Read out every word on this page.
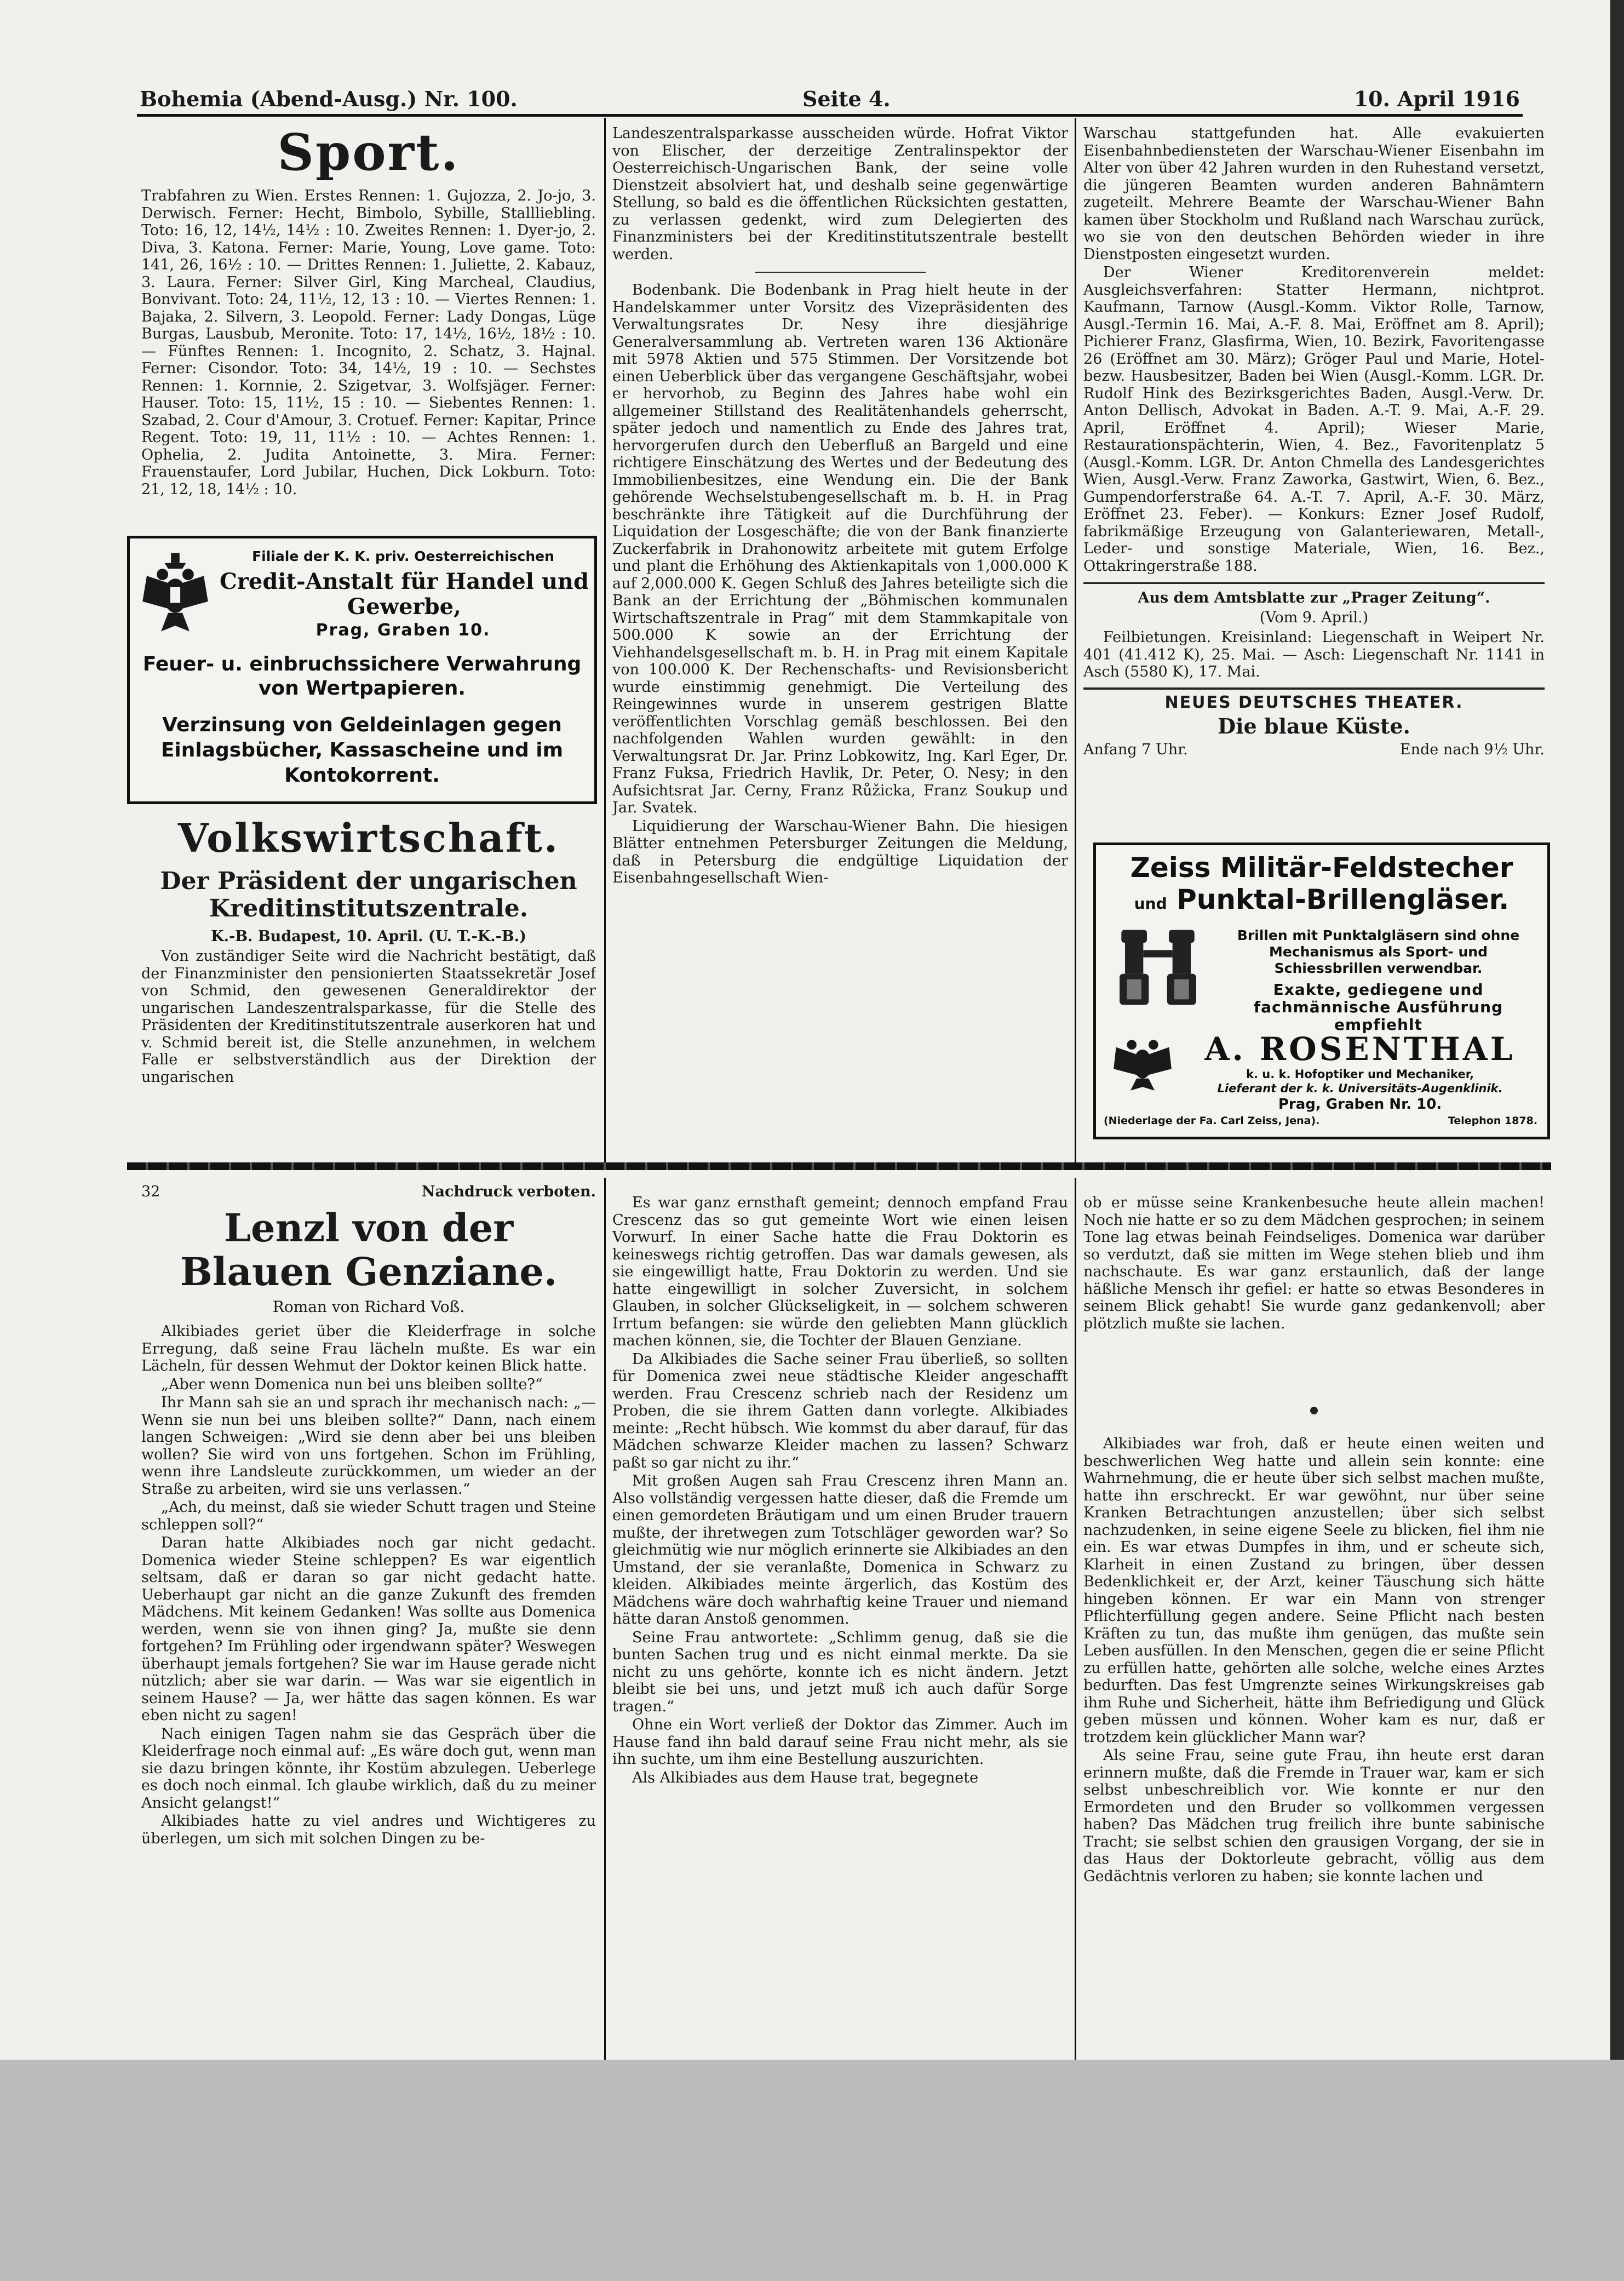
Bohemia (Abend-Ausg.) Nr. 100.	Seite 4.	10. April 1916
Sport.

Trabfahren zu Wien. Erstes Rennen: 1. Gujozza, 2. Jo-jo, 3. Derwisch. Ferner: Hecht, Bimbolo, Sybille, Stallliebling. Toto: 16, 12, 14½, 14½ : 10. Zweites Rennen: 1. Dyer-jo, 2. Diva, 3. Katona. Ferner: Marie, Young, Love game. Toto: 141, 26, 16½ : 10. — Drittes Rennen: 1. Juliette, 2. Kabauz, 3. Laura. Ferner: Silver Girl, King Marcheal, Claudius, Bonvivant. Toto: 24, 11½, 12, 13 : 10. — Viertes Rennen: 1. Bajaka, 2. Silvern, 3. Leopold. Ferner: Lady Dongas, Lüge Burgas, Lausbub, Meronite. Toto: 17, 14½, 16½, 18½ : 10. — Fünftes Rennen: 1. Incognito, 2. Schatz, 3. Hajnal. Ferner: Cisondor. Toto: 34, 14½, 19 : 10. — Sechstes Rennen: 1. Kornnie, 2. Szigetvar, 3. Wolfsjäger. Ferner: Hauser. Toto: 15, 11½, 15 : 10. — Siebentes Rennen: 1. Szabad, 2. Cour d'Amour, 3. Crotuef. Ferner: Kapitar, Prince Regent. Toto: 19, 11, 11½ : 10. — Achtes Rennen: 1. Ophelia, 2. Judita Antoinette, 3. Mira. Ferner: Frauenstaufer, Lord Jubilar, Huchen, Dick Lokburn. Toto: 21, 12, 18, 14½ : 10.

Filiale der K. K. priv. Oesterreichischen
Credit-Anstalt für Handel und Gewerbe,
Prag, Graben 10.
Feuer- u. einbruchssichere Verwahrung von Wertpapieren.
Verzinsung von Geldeinlagen gegen Einlagsbücher, Kassascheine und im Kontokorrent.
Volkswirtschaft.
Der Präsident der ungarischen Kreditinstitutszentrale.
K.-B. Budapest, 10. April. (U. T.-K.-B.)

Von zuständiger Seite wird die Nachricht bestätigt, daß der Finanzminister den pensionierten Staatssekretär Josef von Schmid, den gewesenen Generaldirektor der ungarischen Landeszentralsparkasse, für die Stelle des Präsidenten der Kreditinstitutszentrale auserkoren hat und v. Schmid bereit ist, die Stelle anzunehmen, in welchem Falle er selbstverständlich aus der Direktion der ungarischen

Landeszentralsparkasse ausscheiden würde. Hofrat Viktor von Elischer, der derzeitige Zentralinspektor der Oesterreichisch-Ungarischen Bank, der seine volle Dienstzeit absolviert hat, und deshalb seine gegenwärtige Stellung, so bald es die öffentlichen Rücksichten gestatten, zu verlassen gedenkt, wird zum Delegierten des Finanzministers bei der Kreditinstitutszentrale bestellt werden.

Bodenbank. Die Bodenbank in Prag hielt heute in der Handelskammer unter Vorsitz des Vizepräsidenten des Verwaltungsrates Dr. Nesy ihre diesjährige Generalversammlung ab. Vertreten waren 136 Aktionäre mit 5978 Aktien und 575 Stimmen. Der Vorsitzende bot einen Ueberblick über das vergangene Geschäftsjahr, wobei er hervorhob, zu Beginn des Jahres habe wohl ein allgemeiner Stillstand des Realitätenhandels geherrscht, später jedoch und namentlich zu Ende des Jahres trat, hervorgerufen durch den Ueberfluß an Bargeld und eine richtigere Einschätzung des Wertes und der Bedeutung des Immobilienbesitzes, eine Wendung ein. Die der Bank gehörende Wechselstubengesellschaft m. b. H. in Prag beschränkte ihre Tätigkeit auf die Durchführung der Liquidation der Losgeschäfte; die von der Bank finanzierte Zuckerfabrik in Drahonowitz arbeitete mit gutem Erfolge und plant die Erhöhung des Aktienkapitals von 1,000.000 K auf 2,000.000 K. Gegen Schluß des Jahres beteiligte sich die Bank an der Errichtung der „Böhmischen kommunalen Wirtschaftszentrale in Prag“ mit dem Stammkapitale von 500.000 K sowie an der Errichtung der Viehhandelsgesellschaft m. b. H. in Prag mit einem Kapitale von 100.000 K. Der Rechenschafts- und Revisionsbericht wurde einstimmig genehmigt. Die Verteilung des Reingewinnes wurde in unserem gestrigen Blatte veröffentlichten Vorschlag gemäß beschlossen. Bei den nachfolgenden Wahlen wurden gewählt: in den Verwaltungsrat Dr. Jar. Prinz Lobkowitz, Ing. Karl Eger, Dr. Franz Fuksa, Friedrich Havlik, Dr. Peter, O. Nesy; in den Aufsichtsrat Jar. Cerny, Franz Růžicka, Franz Soukup und Jar. Svatek.

Liquidierung der Warschau-Wiener Bahn. Die hiesigen Blätter entnehmen Petersburger Zeitungen die Meldung, daß in Petersburg die endgültige Liquidation der Eisenbahngesellschaft Wien-

Warschau stattgefunden hat. Alle evakuierten Eisenbahnbediensteten der Warschau-Wiener Eisenbahn im Alter von über 42 Jahren wurden in den Ruhestand versetzt, die jüngeren Beamten wurden anderen Bahnämtern zugeteilt. Mehrere Beamte der Warschau-Wiener Bahn kamen über Stockholm und Rußland nach Warschau zurück, wo sie von den deutschen Behörden wieder in ihre Dienstposten eingesetzt wurden.

Der Wiener Kreditorenverein meldet: Ausgleichsverfahren: Statter Hermann, nichtprot. Kaufmann, Tarnow (Ausgl.-Komm. Viktor Rolle, Tarnow, Ausgl.-Termin 16. Mai, A.-F. 8. Mai, Eröffnet am 8. April); Pichierer Franz, Glasfirma, Wien, 10. Bezirk, Favoritengasse 26 (Eröffnet am 30. März); Gröger Paul und Marie, Hotel- bezw. Hausbesitzer, Baden bei Wien (Ausgl.-Komm. LGR. Dr. Rudolf Hink des Bezirksgerichtes Baden, Ausgl.-Verw. Dr. Anton Dellisch, Advokat in Baden. A.-T. 9. Mai, A.-F. 29. April, Eröffnet 4. April); Wieser Marie, Restaurationspächterin, Wien, 4. Bez., Favoritenplatz 5 (Ausgl.-Komm. LGR. Dr. Anton Chmella des Landesgerichtes Wien, Ausgl.-Verw. Franz Zaworka, Gastwirt, Wien, 6. Bez., Gumpendorferstraße 64. A.-T. 7. April, A.-F. 30. März, Eröffnet 23. Feber). — Konkurs: Ezner Josef Rudolf, fabrikmäßige Erzeugung von Galanteriewaren, Metall-, Leder- und sonstige Materiale, Wien, 16. Bez., Ottakringerstraße 188.

Aus dem Amtsblatte zur „Prager Zeitung“.
(Vom 9. April.)

Feilbietungen. Kreisinland: Liegenschaft in Weipert Nr. 401 (41.412 K), 25. Mai. — Asch: Liegenschaft Nr. 1141 in Asch (5580 K), 17. Mai.

NEUES DEUTSCHES THEATER.
Die blaue Küste.
Anfang 7 Uhr.	Ende nach 9½ Uhr.
Zeiss Militär-Feldstecher
und Punktal-Brillengläser.
Brillen mit Punktalgläsern sind ohne Mechanismus als Sport- und Schiessbrillen verwendbar.
Exakte, gediegene und fachmännische Ausführung empfiehlt
A. ROSENTHAL
k. u. k. Hofoptiker und Mechaniker,
Lieferant der k. k. Universitäts-Augenklinik.
Prag, Graben Nr. 10.
(Niederlage der Fa. Carl Zeiss, Jena).	Telephon 1878.
32	Nachdruck verboten.
Lenzl von der Blauen Genziane.
Roman von Richard Voß.

Alkibiades geriet über die Kleiderfrage in solche Erregung, daß seine Frau lächeln mußte. Es war ein Lächeln, für dessen Wehmut der Doktor keinen Blick hatte.

„Aber wenn Domenica nun bei uns bleiben sollte?“

Ihr Mann sah sie an und sprach ihr mechanisch nach: „— Wenn sie nun bei uns bleiben sollte?“ Dann, nach einem langen Schweigen: „Wird sie denn aber bei uns bleiben wollen? Sie wird von uns fortgehen. Schon im Frühling, wenn ihre Landsleute zurückkommen, um wieder an der Straße zu arbeiten, wird sie uns verlassen.“

„Ach, du meinst, daß sie wieder Schutt tragen und Steine schleppen soll?“

Daran hatte Alkibiades noch gar nicht gedacht. Domenica wieder Steine schleppen? Es war eigentlich seltsam, daß er daran so gar nicht gedacht hatte. Ueberhaupt gar nicht an die ganze Zukunft des fremden Mädchens. Mit keinem Gedanken! Was sollte aus Domenica werden, wenn sie von ihnen ging? Ja, mußte sie denn fortgehen? Im Frühling oder irgendwann später? Weswegen überhaupt jemals fortgehen? Sie war im Hause gerade nicht nützlich; aber sie war darin. — Was war sie eigentlich in seinem Hause? — Ja, wer hätte das sagen können. Es war eben nicht zu sagen!

Nach einigen Tagen nahm sie das Gespräch über die Kleiderfrage noch einmal auf: „Es wäre doch gut, wenn man sie dazu bringen könnte, ihr Kostüm abzulegen. Ueberlege es doch noch einmal. Ich glaube wirklich, daß du zu meiner Ansicht gelangst!“

Alkibiades hatte zu viel andres und Wichtigeres zu überlegen, um sich mit solchen Dingen zu be-

Es war ganz ernsthaft gemeint; dennoch empfand Frau Crescenz das so gut gemeinte Wort wie einen leisen Vorwurf. In einer Sache hatte die Frau Doktorin es keineswegs richtig getroffen. Das war damals gewesen, als sie eingewilligt hatte, Frau Doktorin zu werden. Und sie hatte eingewilligt in solcher Zuversicht, in solchem Glauben, in solcher Glückseligkeit, in — solchem schweren Irrtum befangen: sie würde den geliebten Mann glücklich machen können, sie, die Tochter der Blauen Genziane.

Da Alkibiades die Sache seiner Frau überließ, so sollten für Domenica zwei neue städtische Kleider angeschafft werden. Frau Crescenz schrieb nach der Residenz um Proben, die sie ihrem Gatten dann vorlegte. Alkibiades meinte: „Recht hübsch. Wie kommst du aber darauf, für das Mädchen schwarze Kleider machen zu lassen? Schwarz paßt so gar nicht zu ihr.“

Mit großen Augen sah Frau Crescenz ihren Mann an. Also vollständig vergessen hatte dieser, daß die Fremde um einen gemordeten Bräutigam und um einen Bruder trauern mußte, der ihretwegen zum Totschläger geworden war? So gleichmütig wie nur möglich erinnerte sie Alkibiades an den Umstand, der sie veranlaßte, Domenica in Schwarz zu kleiden. Alkibiades meinte ärgerlich, das Kostüm des Mädchens wäre doch wahrhaftig keine Trauer und niemand hätte daran Anstoß genommen.

Seine Frau antwortete: „Schlimm genug, daß sie die bunten Sachen trug und es nicht einmal merkte. Da sie nicht zu uns gehörte, konnte ich es nicht ändern. Jetzt bleibt sie bei uns, und jetzt muß ich auch dafür Sorge tragen.“

Ohne ein Wort verließ der Doktor das Zimmer. Auch im Hause fand ihn bald darauf seine Frau nicht mehr, als sie ihn suchte, um ihm eine Bestellung auszurichten.

Als Alkibiades aus dem Hause trat, begegnete

ob er müsse seine Krankenbesuche heute allein machen! Noch nie hatte er so zu dem Mädchen gesprochen; in seinem Tone lag etwas beinah Feindseliges. Domenica war darüber so verdutzt, daß sie mitten im Wege stehen blieb und ihm nachschaute. Es war ganz erstaunlich, daß der lange häßliche Mensch ihr gefiel: er hatte so etwas Besonderes in seinem Blick gehabt! Sie wurde ganz gedankenvoll; aber plötzlich mußte sie lachen.

Alkibiades war froh, daß er heute einen weiten und beschwerlichen Weg hatte und allein sein konnte: eine Wahrnehmung, die er heute über sich selbst machen mußte, hatte ihn erschreckt. Er war gewöhnt, nur über seine Kranken Betrachtungen anzustellen; über sich selbst nachzudenken, in seine eigene Seele zu blicken, fiel ihm nie ein. Es war etwas Dumpfes in ihm, und er scheute sich, Klarheit in einen Zustand zu bringen, über dessen Bedenklichkeit er, der Arzt, keiner Täuschung sich hätte hingeben können. Er war ein Mann von strenger Pflichterfüllung gegen andere. Seine Pflicht nach besten Kräften zu tun, das mußte ihm genügen, das mußte sein Leben ausfüllen. In den Menschen, gegen die er seine Pflicht zu erfüllen hatte, gehörten alle solche, welche eines Arztes bedurften. Das fest Umgrenzte seines Wirkungskreises gab ihm Ruhe und Sicherheit, hätte ihm Befriedigung und Glück geben müssen und können. Woher kam es nur, daß er trotzdem kein glücklicher Mann war?

Als seine Frau, seine gute Frau, ihn heute erst daran erinnern mußte, daß die Fremde in Trauer war, kam er sich selbst unbeschreiblich vor. Wie konnte er nur den Ermordeten und den Bruder so vollkommen vergessen haben? Das Mädchen trug freilich ihre bunte sabinische Tracht; sie selbst schien den grausigen Vorgang, der sie in das Haus der Doktorleute gebracht, völlig aus dem Gedächtnis verloren zu haben; sie konnte lachen und
